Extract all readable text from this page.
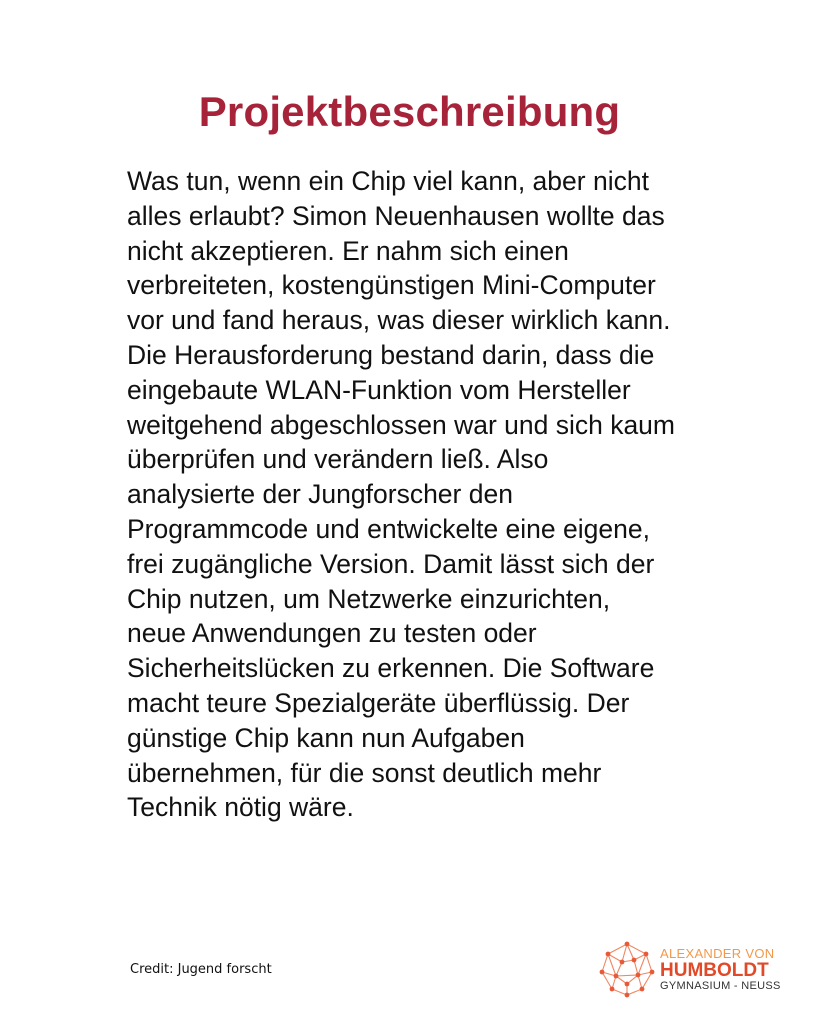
Projektbeschreibung
Was tun, wenn ein Chip viel kann, aber nicht
alles erlaubt? Simon Neuenhausen wollte das
nicht akzeptieren. Er nahm sich einen
verbreiteten, kostengünstigen Mini-Computer
vor und fand heraus, was dieser wirklich kann.
Die Herausforderung bestand darin, dass die
eingebaute WLAN-Funktion vom Hersteller
weitgehend abgeschlossen war und sich kaum
überprüfen und verändern ließ. Also
analysierte der Jungforscher den
Programmcode und entwickelte eine eigene,
frei zugängliche Version. Damit lässt sich der
Chip nutzen, um Netzwerke einzurichten,
neue Anwendungen zu testen oder
Sicherheitslücken zu erkennen. Die Software
macht teure Spezialgeräte überflüssig. Der
günstige Chip kann nun Aufgaben
übernehmen, für die sonst deutlich mehr
Technik nötig wäre.
Credit: Jugend forscht
ALEXANDER VON
HUMBOLDT
GYMNASIUM - NEUSS
